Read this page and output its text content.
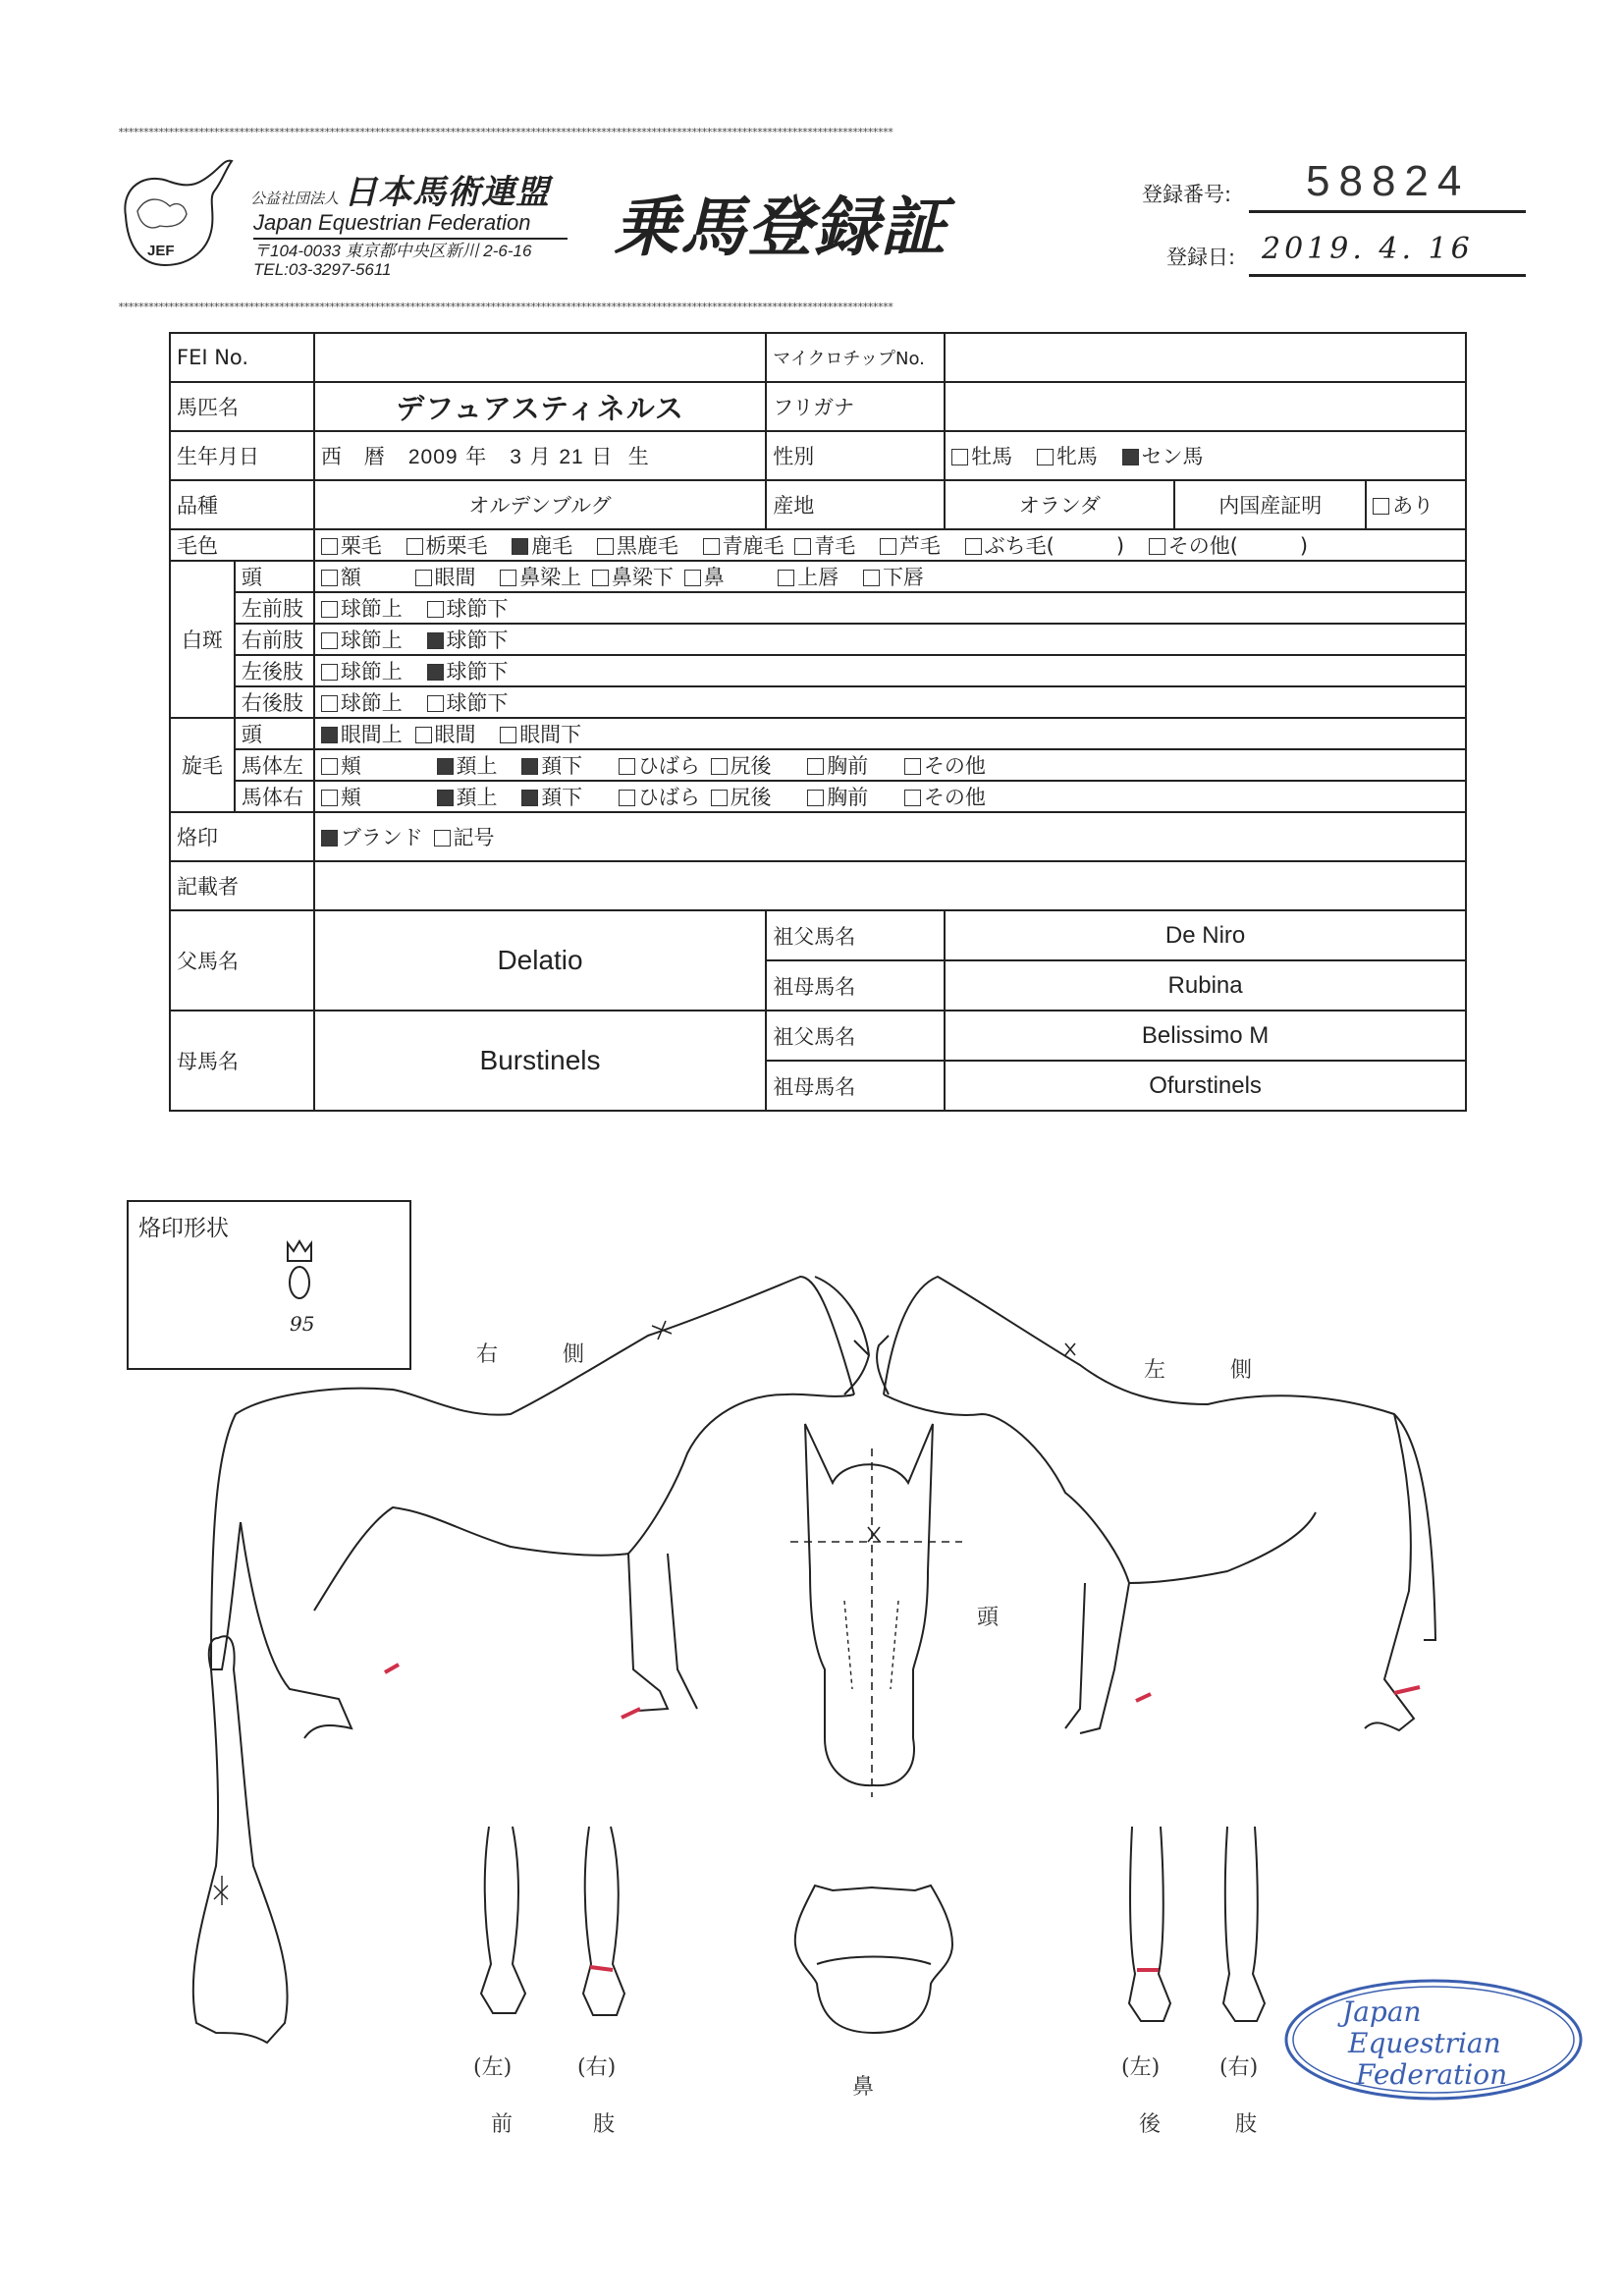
**********************************************************************************************************************************************************
**********************************************************************************************************************************************************
JEF
公益社団法人 日本馬術連盟
Japan Equestrian Federation
〒104-0033 東京都中央区新川 2-6-16
TEL:03-3297-5611
乗馬登録証	登録番号: 58824
登録日: 2019. 4. 16
FEI No.			マイクロチップNo.			
馬匹名		デフュアスティネルス	フリガナ			
生年月日		西　暦 2009 年 3 月 21 日 生	性別	牡馬 牝馬 セン馬		
品種		オルデンブルグ	産地	オランダ	内国産証明	あり
毛色		栗毛 栃栗毛 鹿毛 黒鹿毛 青鹿毛 青毛 芦毛 ぶち毛(　　　) その他(　　　)				
白斑	頭	額 眼間 鼻梁上 鼻梁下 鼻 上唇 下唇				
	左前肢	球節上 球節下				
	右前肢	球節上 球節下				
	左後肢	球節上 球節下				
	右後肢	球節上 球節下				
旋毛	頭	眼間上 眼間 眼間下				
	馬体左	頬 頚上 頚下 ひばら 尻後 胸前 その他				
	馬体右	頬 頚上 頚下 ひばら 尻後 胸前 その他				
烙印		ブランド 記号				
記載者						
父馬名		Delatio	祖父馬名	De Niro		
			祖母馬名	Rubina		
母馬名		Burstinels	祖父馬名	Belissimo M		
			祖母馬名	Ofurstinels		
烙印形状
95
右　　　側
左　　　側
頭
鼻
(左)	(右)
前	肢
(左)	(右)
後	肢
Japan
Equestrian
Federation
